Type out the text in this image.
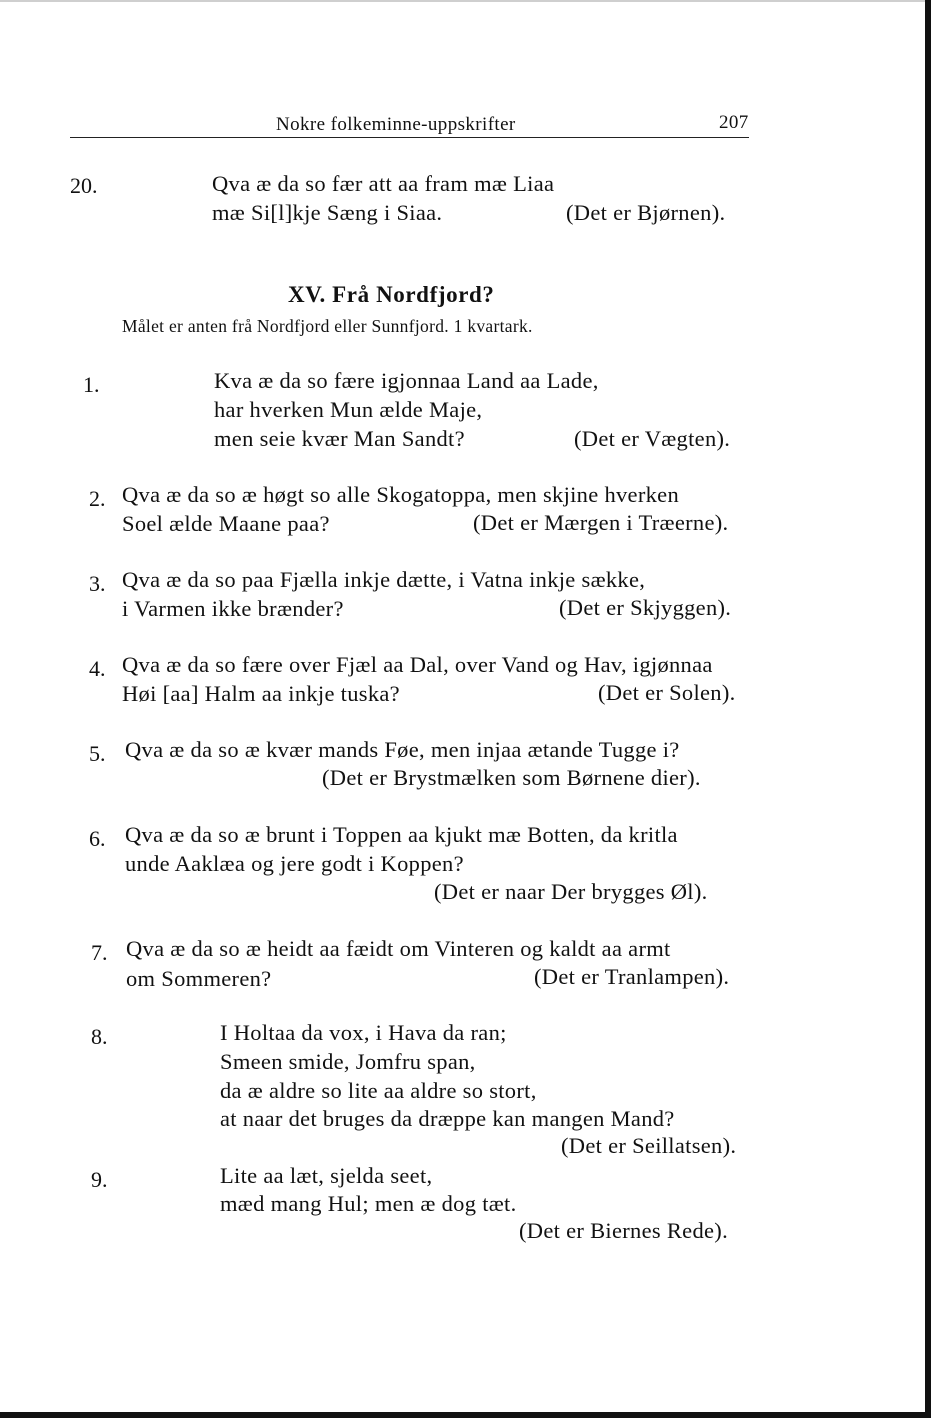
Nokre folkeminne-uppskrifter	207
20.	Qva æ da so fær att aa fram mæ Liaa
mæ Si[l]kje Sæng i Siaa.	(Det er Bjørnen).
XV. Frå Nordfjord?
Målet er anten frå Nordfjord eller Sunnfjord. 1 kvartark.
1.	Kva æ da so fære igjonnaa Land aa Lade,
har hverken Mun ælde Maje,
men seie kvær Man Sandt?	(Det er Vægten).
2. Qva æ da so æ høgt so alle Skogatoppa, men skjine hverken
Soel ælde Maane paa?	(Det er Mærgen i Træerne).
3. Qva æ da so paa Fjælla inkje dætte, i Vatna inkje sække,
i Varmen ikke brænder?	(Det er Skjyggen).
4. Qva æ da so fære over Fjæl aa Dal, over Vand og Hav, igjønnaa
Høi [aa] Halm aa inkje tuska?	(Det er Solen).
5. Qva æ da so æ kvær mands Føe, men injaa ætande Tugge i?
(Det er Brystmælken som Børnene dier).
6. Qva æ da so æ brunt i Toppen aa kjukt mæ Botten, da kritla
unde Aaklæa og jere godt i Koppen?
(Det er naar Der brygges Øl).
7. Qva æ da so æ heidt aa fæidt om Vinteren og kaldt aa armt
om Sommeren?	(Det er Tranlampen).
8.	I Holtaa da vox, i Hava da ran;
Smeen smide, Jomfru span,
da æ aldre so lite aa aldre so stort,
at naar det bruges da dræppe kan mangen Mand?
(Det er Seillatsen).
9.	Lite aa læt, sjelda seet,
mæd mang Hul; men æ dog tæt.
(Det er Biernes Rede).
